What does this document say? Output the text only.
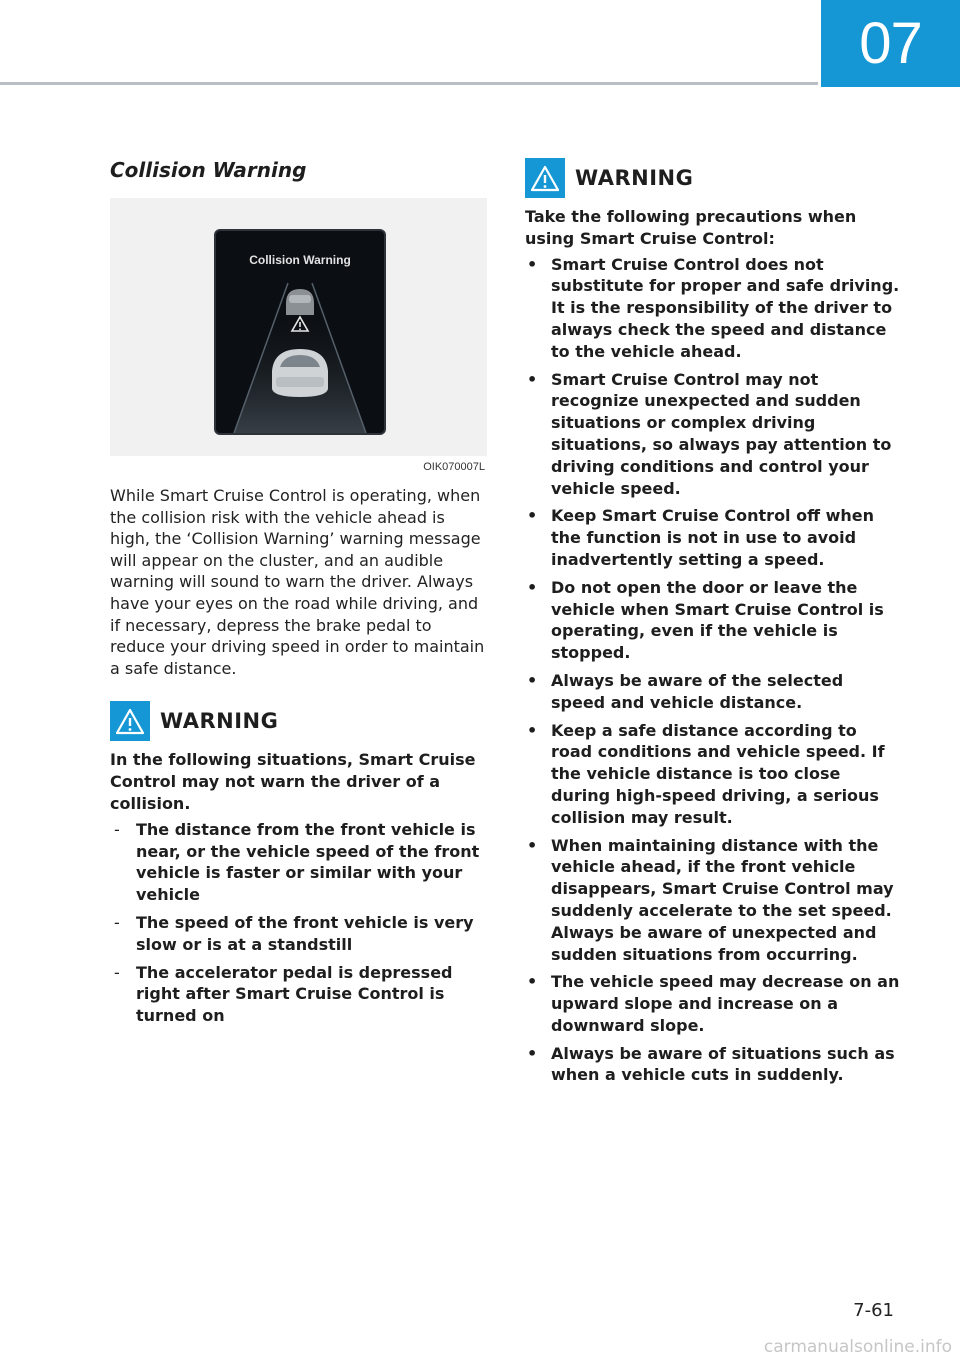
07
Collision Warning
Collision Warning
OIK070007L

While Smart Cruise Control is operating, when the collision risk with the vehicle ahead is high, the ‘Collision Warning’ warning message will appear on the cluster, and an audible warning will sound to warn the driver. Always have your eyes on the road while driving, and if necessary, depress the brake pedal to reduce your driving speed in order to maintain a safe distance.

WARNING
In the following situations, Smart Cruise Control may not warn the driver of a collision.
- The distance from the front vehicle is near, or the vehicle speed of the front vehicle is faster or similar with your vehicle
- The speed of the front vehicle is very slow or is at a standstill
- The accelerator pedal is depressed right after Smart Cruise Control is turned on
WARNING
Take the following precautions when using Smart Cruise Control:
• Smart Cruise Control does not substitute for proper and safe driving. It is the responsibility of the driver to always check the speed and distance to the vehicle ahead.
• Smart Cruise Control may not recognize unexpected and sudden situations or complex driving situations, so always pay attention to driving conditions and control your vehicle speed.
• Keep Smart Cruise Control off when the function is not in use to avoid inadvertently setting a speed.
• Do not open the door or leave the vehicle when Smart Cruise Control is operating, even if the vehicle is stopped.
• Always be aware of the selected speed and vehicle distance.
• Keep a safe distance according to road conditions and vehicle speed. If the vehicle distance is too close during high-speed driving, a serious collision may result.
• When maintaining distance with the vehicle ahead, if the front vehicle disappears, Smart Cruise Control may suddenly accelerate to the set speed. Always be aware of unexpected and sudden situations from occurring.
• The vehicle speed may decrease on an upward slope and increase on a downward slope.
• Always be aware of situations such as when a vehicle cuts in suddenly.
7-61
carmanualsonline.info
